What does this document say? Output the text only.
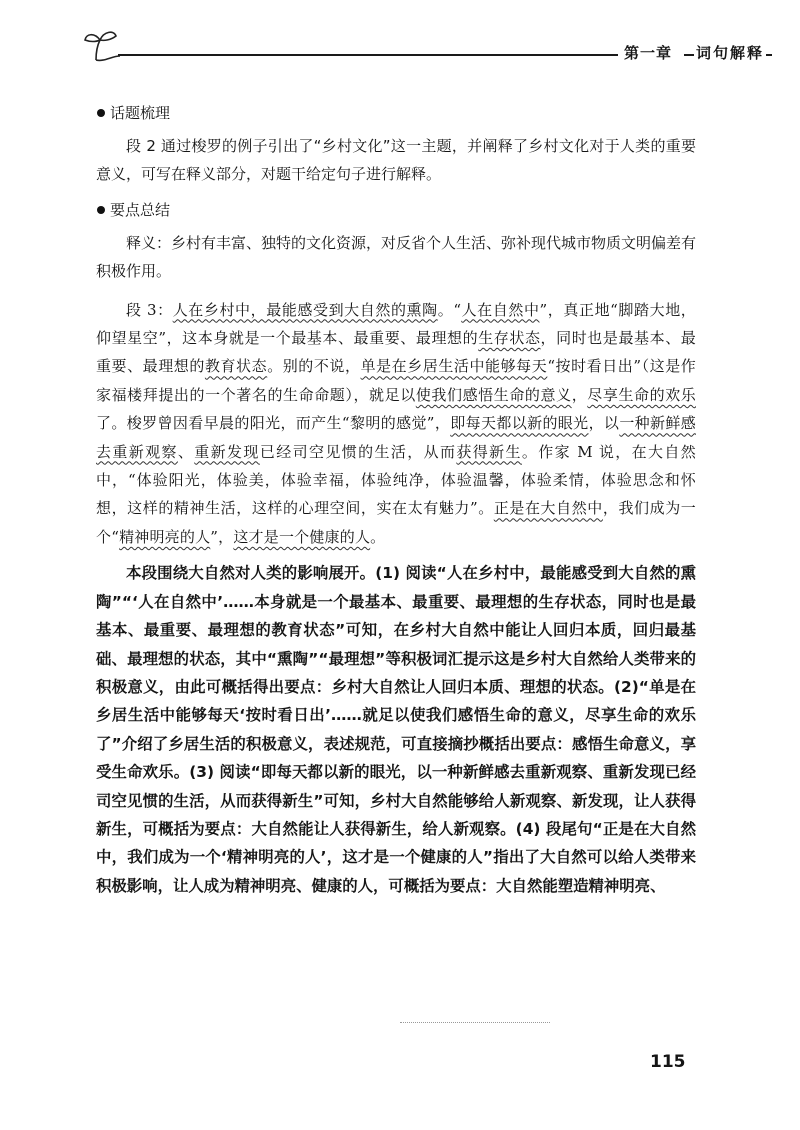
第一章	词句解释
话题梳理

段 2 通过梭罗的例子引出了“乡村文化”这一主题，并阐释了乡村文化对于人类的重要意义，可写在释义部分，对题干给定句子进行解释。

要点总结

释义：乡村有丰富、独特的文化资源，对反省个人生活、弥补现代城市物质文明偏差有积极作用。

段 3：人在乡村中，最能感受到大自然的熏陶。“人在自然中”，真正地“脚踏大地，仰望星空”，这本身就是一个最基本、最重要、最理想的生存状态，同时也是最基本、最重要、最理想的教育状态。别的不说，单是在乡居生活中能够每天“按时看日出”（这是作家福楼拜提出的一个著名的生命命题），就足以使我们感悟生命的意义，尽享生命的欢乐了。梭罗曾因看早晨的阳光，而产生“黎明的感觉”，即每天都以新的眼光，以一种新鲜感去重新观察、重新发现已经司空见惯的生活，从而获得新生。作家 M 说，在大自然中，“体验阳光，体验美，体验幸福，体验纯净，体验温馨，体验柔情，体验思念和怀想，这样的精神生活，这样的心理空间，实在太有魅力”。正是在大自然中，我们成为一个“精神明亮的人”，这才是一个健康的人。

本段围绕大自然对人类的影响展开。(1) 阅读“人在乡村中，最能感受到大自然的熏陶”“‘人在自然中’……本身就是一个最基本、最重要、最理想的生存状态，同时也是最基本、最重要、最理想的教育状态”可知，在乡村大自然中能让人回归本质，回归最基础、最理想的状态，其中“熏陶”“最理想”等积极词汇提示这是乡村大自然给人类带来的积极意义，由此可概括得出要点：乡村大自然让人回归本质、理想的状态。(2)“单是在乡居生活中能够每天‘按时看日出’……就足以使我们感悟生命的意义，尽享生命的欢乐了”介绍了乡居生活的积极意义，表述规范，可直接摘抄概括出要点：感悟生命意义，享受生命欢乐。(3) 阅读“即每天都以新的眼光，以一种新鲜感去重新观察、重新发现已经司空见惯的生活，从而获得新生”可知，乡村大自然能够给人新观察、新发现，让人获得新生，可概括为要点：大自然能让人获得新生，给人新观察。(4) 段尾句“正是在大自然中，我们成为一个‘精神明亮的人’，这才是一个健康的人”指出了大自然可以给人类带来积极影响，让人成为精神明亮、健康的人，可概括为要点：大自然能塑造精神明亮、

115
